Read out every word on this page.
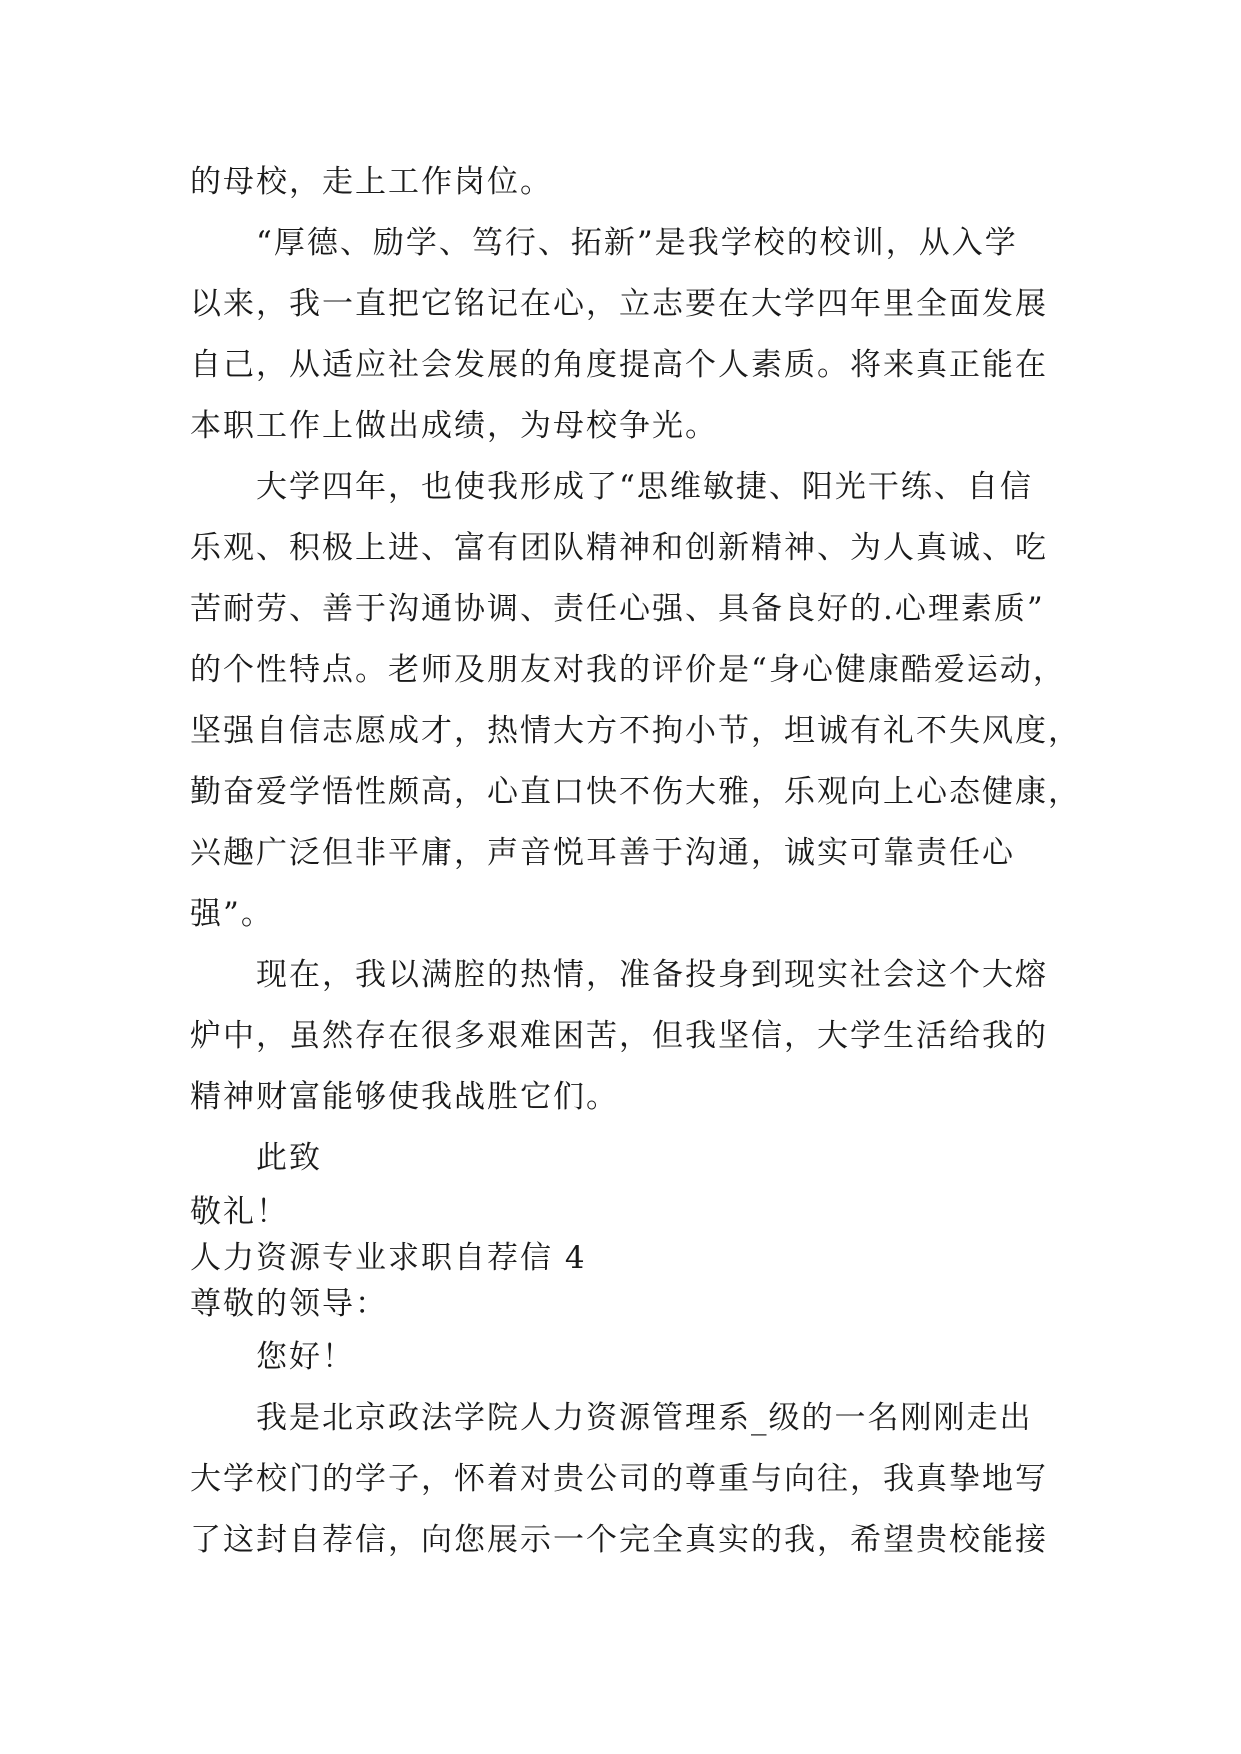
的母校，走上工作岗位。
“厚德、励学、笃行、拓新”是我学校的校训，从入学
以来，我一直把它铭记在心，立志要在大学四年里全面发展
自己，从适应社会发展的角度提高个人素质。将来真正能在
本职工作上做出成绩，为母校争光。
大学四年，也使我形成了“思维敏捷、阳光干练、自信
乐观、积极上进、富有团队精神和创新精神、为人真诚、吃
苦耐劳、善于沟通协调、责任心强、具备良好的.心理素质”
的个性特点。老师及朋友对我的评价是“身心健康酷爱运动，
坚强自信志愿成才，热情大方不拘小节，坦诚有礼不失风度，
勤奋爱学悟性颇高，心直口快不伤大雅，乐观向上心态健康，
兴趣广泛但非平庸，声音悦耳善于沟通，诚实可靠责任心
强”。
现在，我以满腔的热情，准备投身到现实社会这个大熔
炉中，虽然存在很多艰难困苦，但我坚信，大学生活给我的
精神财富能够使我战胜它们。
此致
敬礼！
人力资源专业求职自荐信 4
尊敬的领导：
您好！
我是北京政法学院人力资源管理系_级的一名刚刚走出
大学校门的学子，怀着对贵公司的尊重与向往，我真挚地写
了这封自荐信，向您展示一个完全真实的我，希望贵校能接
